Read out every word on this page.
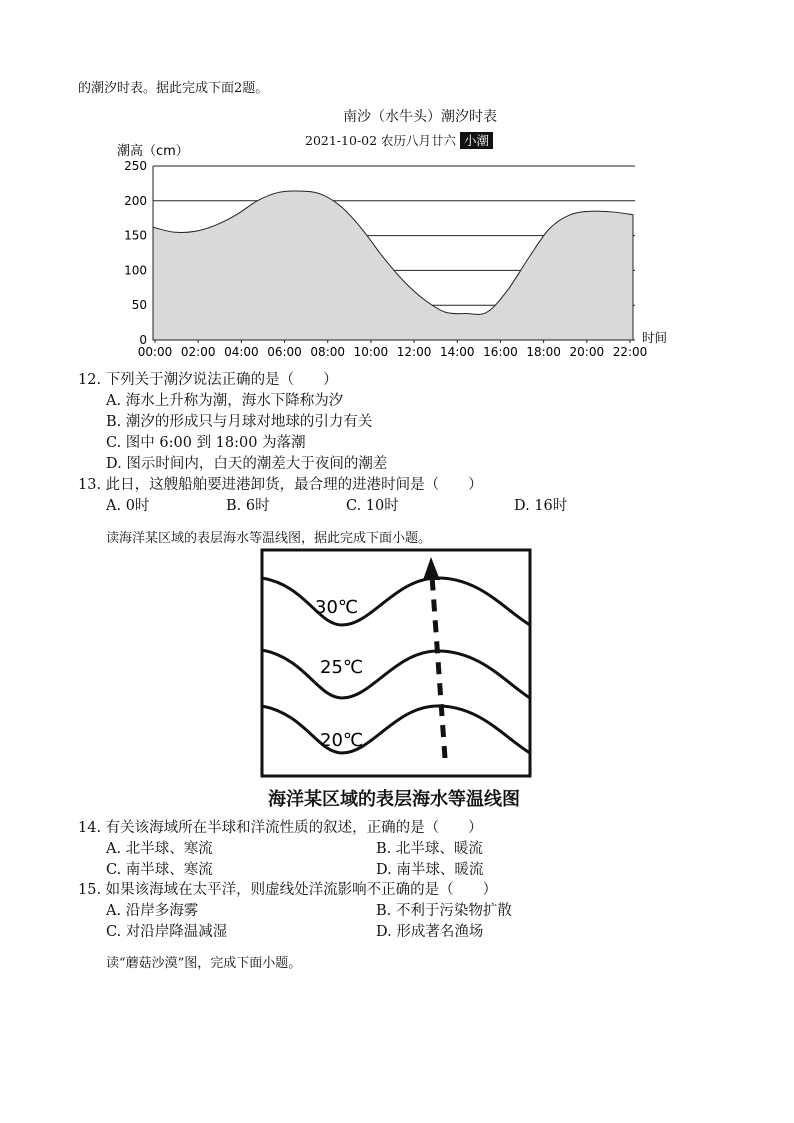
的潮汐时表。据此完成下面2题。
南沙（水牛头）潮汐时表
2021-10-02 农历八月廿六 小潮
潮高（cm）
0
50
100
150
200
250
00:00 02:00 04:00 06:00 08:00 10:00 12:00 14:00 16:00 18:00 20:00 22:00
时间
12. 下列关于潮汐说法正确的是（　　）
A. 海水上升称为潮，海水下降称为汐
B. 潮汐的形成只与月球对地球的引力有关
C. 图中 6:00 到 18:00 为落潮
D. 图示时间内，白天的潮差大于夜间的潮差
13. 此日，这艘船舶要进港卸货，最合理的进港时间是（　　）
A. 0时	B. 6时	C. 10时	D. 16时
读海洋某区域的表层海水等温线图，据此完成下面小题。
30℃
25℃
20℃
海洋某区域的表层海水等温线图
14. 有关该海域所在半球和洋流性质的叙述，正确的是（　　）
A. 北半球、寒流	B. 北半球、暖流
C. 南半球、寒流	D. 南半球、暖流
15. 如果该海域在太平洋，则虚线处洋流影响不正确的是（　　）
A. 沿岸多海雾	B. 不利于污染物扩散
C. 对沿岸降温减湿	D. 形成著名渔场
读“蘑菇沙漠”图，完成下面小题。
